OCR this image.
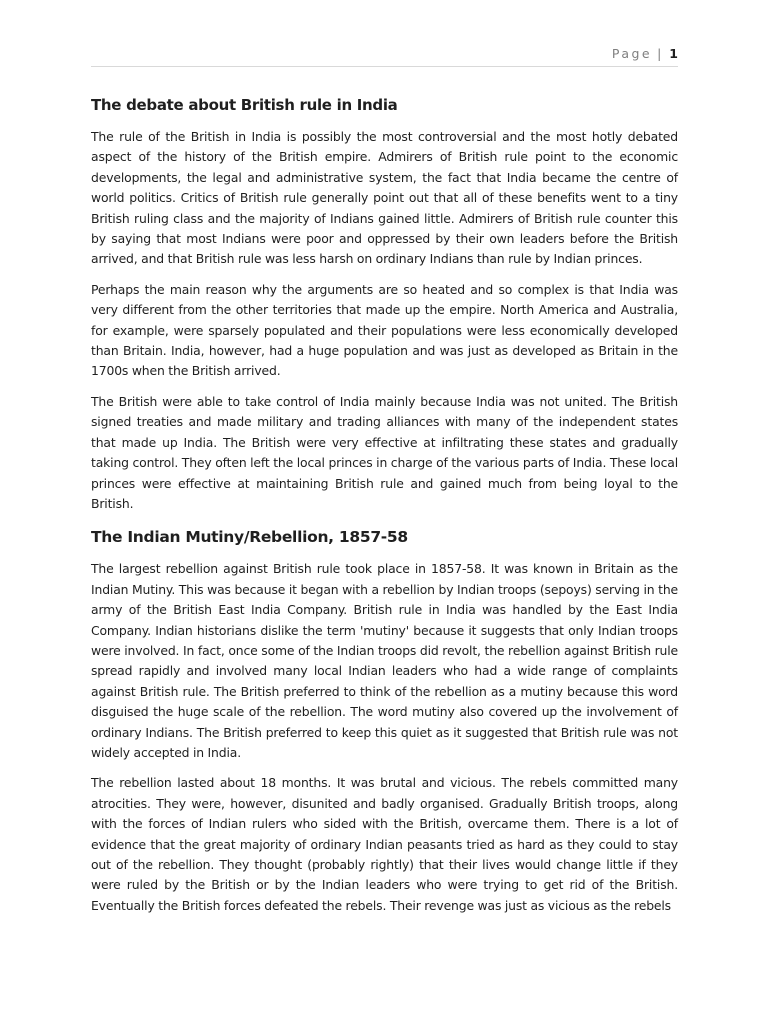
Page | 1
The debate about British rule in India

The rule of the British in India is possibly the most controversial and the most hotly debated aspect of the history of the British empire. Admirers of British rule point to the economic developments, the legal and administrative system, the fact that India became the centre of world politics. Critics of British rule generally point out that all of these benefits went to a tiny British ruling class and the majority of Indians gained little. Admirers of British rule counter this by saying that most Indians were poor and oppressed by their own leaders before the British arrived, and that British rule was less harsh on ordinary Indians than rule by Indian princes.

Perhaps the main reason why the arguments are so heated and so complex is that India was very different from the other territories that made up the empire. North America and Australia, for example, were sparsely populated and their populations were less economically developed than Britain. India, however, had a huge population and was just as developed as Britain in the 1700s when the British arrived.

The British were able to take control of India mainly because India was not united. The British signed treaties and made military and trading alliances with many of the independent states that made up India. The British were very effective at infiltrating these states and gradually taking control. They often left the local princes in charge of the various parts of India. These local princes were effective at maintaining British rule and gained much from being loyal to the British.

The Indian Mutiny/Rebellion, 1857-58

The largest rebellion against British rule took place in 1857-58. It was known in Britain as the Indian Mutiny. This was because it began with a rebellion by Indian troops (sepoys) serving in the army of the British East India Company. British rule in India was handled by the East India Company. Indian historians dislike the term 'mutiny' because it suggests that only Indian troops were involved. In fact, once some of the Indian troops did revolt, the rebellion against British rule spread rapidly and involved many local Indian leaders who had a wide range of complaints against British rule. The British preferred to think of the rebellion as a mutiny because this word disguised the huge scale of the rebellion. The word mutiny also covered up the involvement of ordinary Indians. The British preferred to keep this quiet as it suggested that British rule was not widely accepted in India.

The rebellion lasted about 18 months. It was brutal and vicious. The rebels committed many atrocities. They were, however, disunited and badly organised. Gradually British troops, along with the forces of Indian rulers who sided with the British, overcame them. There is a lot of evidence that the great majority of ordinary Indian peasants tried as hard as they could to stay out of the rebellion. They thought (probably rightly) that their lives would change little if they were ruled by the British or by the Indian leaders who were trying to get rid of the British. Eventually the British forces defeated the rebels. Their revenge was just as vicious as the rebels
